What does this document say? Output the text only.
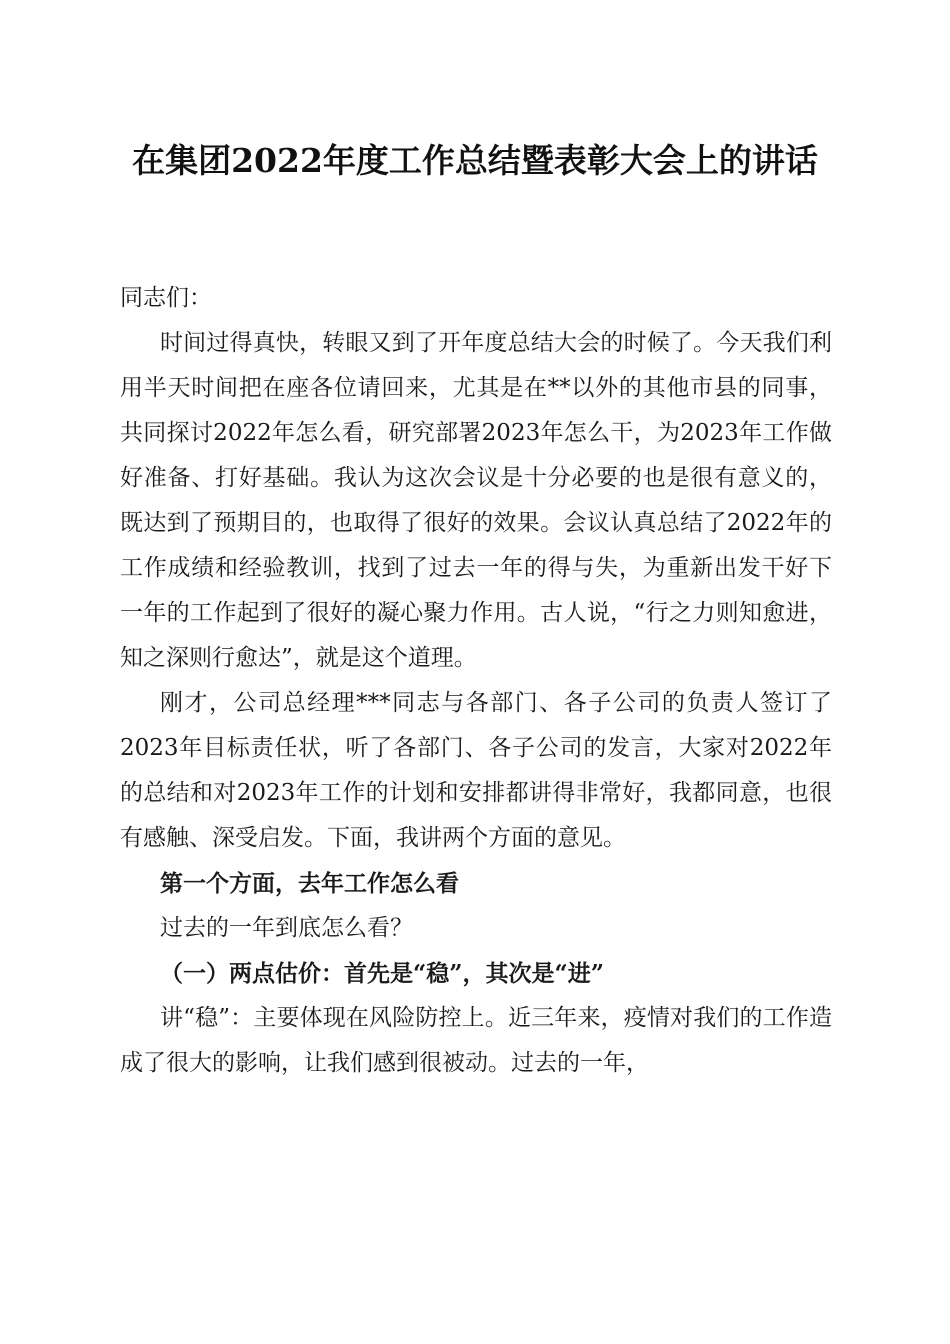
在集团2022年度工作总结暨表彰大会上的讲话

同志们：

时间过得真快，转眼又到了开年度总结大会的时候了。今天我们利用半天时间把在座各位请回来，尤其是在**以外的其他市县的同事，共同探讨2022年怎么看，研究部署2023年怎么干，为2023年工作做好准备、打好基础。我认为这次会议是十分必要的也是很有意义的，既达到了预期目的，也取得了很好的效果。会议认真总结了2022年的工作成绩和经验教训，找到了过去一年的得与失，为重新出发干好下一年的工作起到了很好的凝心聚力作用。古人说，“行之力则知愈进，知之深则行愈达”，就是这个道理。

刚才，公司总经理***同志与各部门、各子公司的负责人签订了2023年目标责任状，听了各部门、各子公司的发言，大家对2022年的总结和对2023年工作的计划和安排都讲得非常好，我都同意，也很有感触、深受启发。下面，我讲两个方面的意见。

第一个方面，去年工作怎么看

过去的一年到底怎么看？

（一）两点估价：首先是“稳”，其次是“进”

讲“稳”：主要体现在风险防控上。近三年来，疫情对我们的工作造成了很大的影响，让我们感到很被动。过去的一年，
